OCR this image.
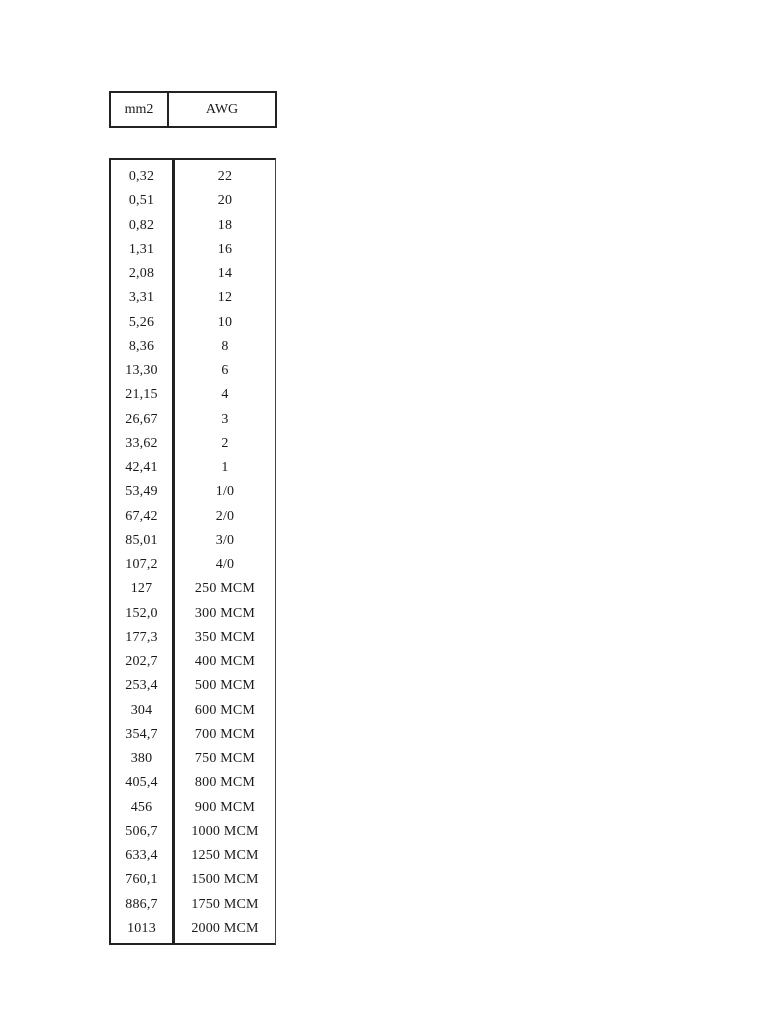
mm2	AWG
0,32	22
0,51	20
0,82	18
1,31	16
2,08	14
3,31	12
5,26	10
8,36	8
13,30	6
21,15	4
26,67	3
33,62	2
42,41	1
53,49	1/0
67,42	2/0
85,01	3/0
107,2	4/0
127	250 MCM
152,0	300 MCM
177,3	350 MCM
202,7	400 MCM
253,4	500 MCM
304	600 MCM
354,7	700 MCM
380	750 MCM
405,4	800 MCM
456	900 MCM
506,7	1000 MCM
633,4	1250 MCM
760,1	1500 MCM
886,7	1750 MCM
1013	2000 MCM
